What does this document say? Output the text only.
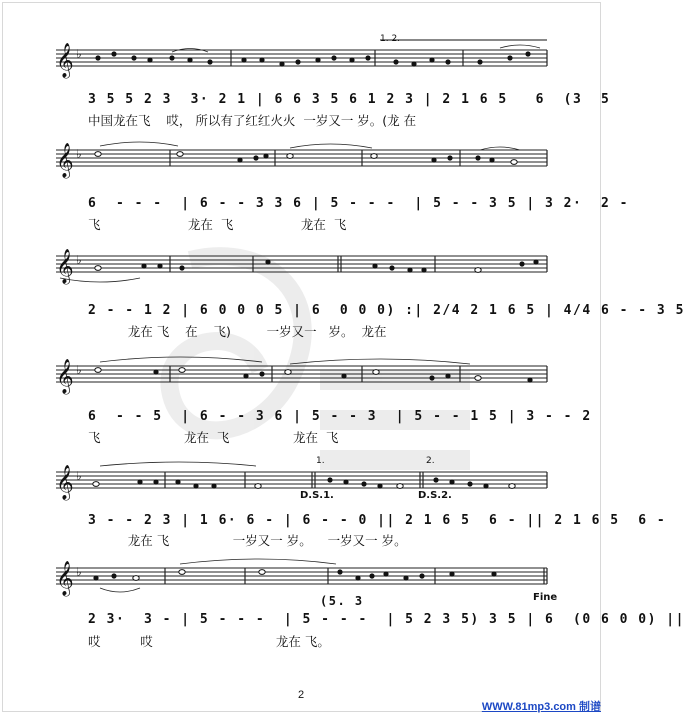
𝄞 ♭
1. 2.
3 5 5 2 3  3· 2 1 | 6 6 3 5 6 1 2 3 | 2 1 6 5   6  (3  5
中国龙在飞    哎， 所以有了红红火火  一岁又一 岁。(龙 在
𝄞 ♭
6  - - -  | 6 - - 3 3 6 | 5 - - -  | 5 - - 3 5 | 3 2·  2 -
飞                      龙在  飞                 龙在  飞
𝄞 ♭
2 - - 1 2 | 6 0 0 0 5 | 6  0 0 0) :| 2/4 2 1 6 5 | 4/4 6 - - 3 5
龙在 飞    在    飞)         一岁又一   岁。  龙在
𝄞 ♭
6  - - 5  | 6 - - 3 6 | 5 - - 3  | 5 - - 1 5 | 3 - - 2
飞                     龙在  飞                龙在  飞
𝄞 ♭
1.	2.
D.S.1.	D.S.2.
3 - - 2 3 | 1 6· 6 - | 6 - - 0 || 2 1 6 5  6 - || 2 1 6 5  6 -
龙在 飞                一岁又一 岁。    一岁又一 岁。
𝄞 ♭
Fine
(5. 3
2 3·  3 - | 5 - - -  | 5 - - -  | 5 2 3 5) 3 5 | 6  (0 6 0 0) ||
哎          哎                               龙在 飞。
2
WWW.81mp3.com 制谱
